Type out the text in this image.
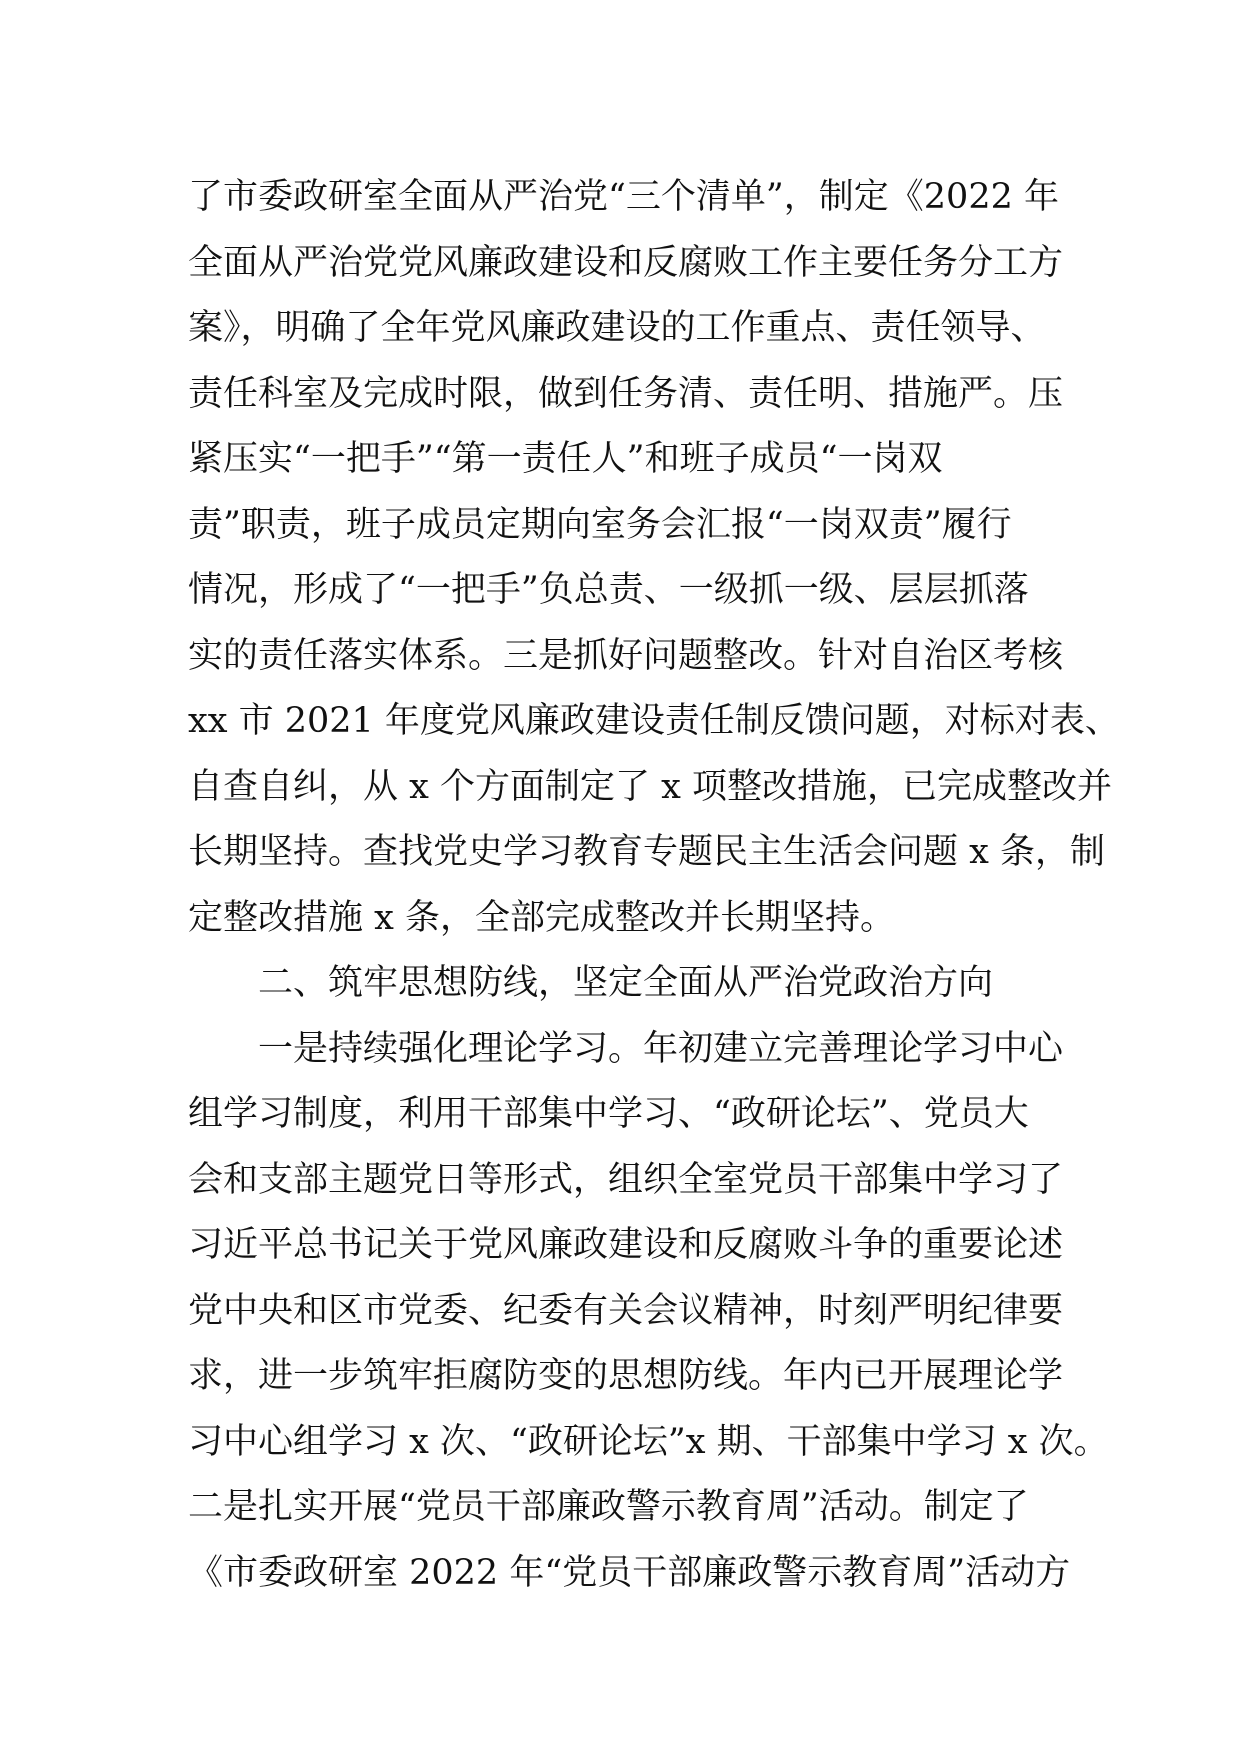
了市委政研室全面从严治党“三个清单”，制定《2022 年
全面从严治党党风廉政建设和反腐败工作主要任务分工方
案》，明确了全年党风廉政建设的工作重点、责任领导、
责任科室及完成时限，做到任务清、责任明、措施严。压
紧压实“一把手”“第一责任人”和班子成员“一岗双
责”职责，班子成员定期向室务会汇报“一岗双责”履行
情况，形成了“一把手”负总责、一级抓一级、层层抓落
实的责任落实体系。三是抓好问题整改。针对自治区考核
xx 市 2021 年度党风廉政建设责任制反馈问题，对标对表、
自查自纠，从 x 个方面制定了 x 项整改措施，已完成整改并
长期坚持。查找党史学习教育专题民主生活会问题 x 条，制
定整改措施 x 条，全部完成整改并长期坚持。
二、筑牢思想防线，坚定全面从严治党政治方向
一是持续强化理论学习。年初建立完善理论学习中心
组学习制度，利用干部集中学习、“政研论坛”、党员大
会和支部主题党日等形式，组织全室党员干部集中学习了
习近平总书记关于党风廉政建设和反腐败斗争的重要论述
党中央和区市党委、纪委有关会议精神，时刻严明纪律要
求，进一步筑牢拒腐防变的思想防线。年内已开展理论学
习中心组学习 x 次、“政研论坛”x 期、干部集中学习 x 次。
二是扎实开展“党员干部廉政警示教育周”活动。制定了
《市委政研室 2022 年“党员干部廉政警示教育周”活动方
